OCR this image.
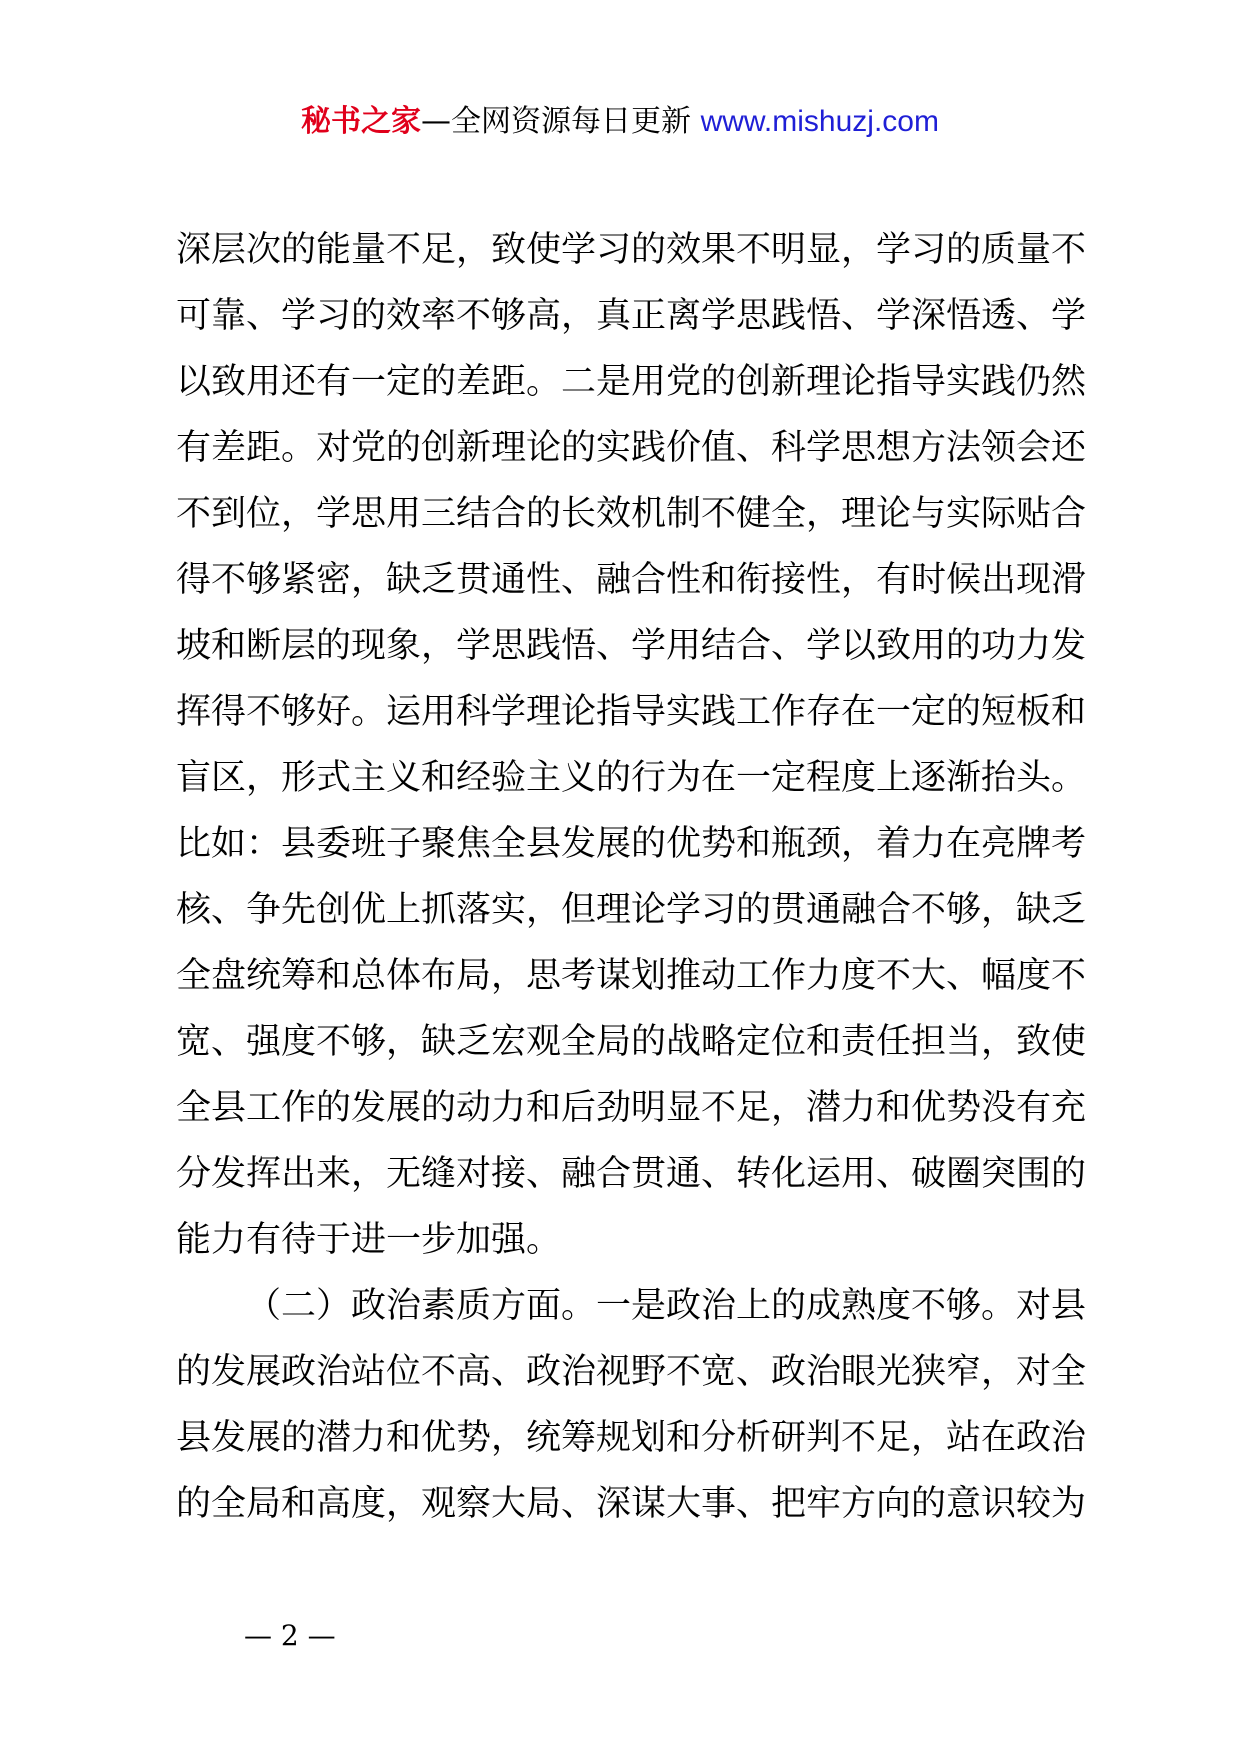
秘书之家—全网资源每日更新 www.mishuzj.com
深层次的能量不足，致使学习的效果不明显，学习的质量不
可靠、学习的效率不够高，真正离学思践悟、学深悟透、学
以致用还有一定的差距。二是用党的创新理论指导实践仍然
有差距。对党的创新理论的实践价值、科学思想方法领会还
不到位，学思用三结合的长效机制不健全，理论与实际贴合
得不够紧密，缺乏贯通性、融合性和衔接性，有时候出现滑
坡和断层的现象，学思践悟、学用结合、学以致用的功力发
挥得不够好。运用科学理论指导实践工作存在一定的短板和
盲区，形式主义和经验主义的行为在一定程度上逐渐抬头。
比如：县委班子聚焦全县发展的优势和瓶颈，着力在亮牌考
核、争先创优上抓落实，但理论学习的贯通融合不够，缺乏
全盘统筹和总体布局，思考谋划推动工作力度不大、幅度不
宽、强度不够，缺乏宏观全局的战略定位和责任担当，致使
全县工作的发展的动力和后劲明显不足，潜力和优势没有充
分发挥出来，无缝对接、融合贯通、转化运用、破圈突围的
能力有待于进一步加强。
（二）政治素质方面。一是政治上的成熟度不够。对县
的发展政治站位不高、政治视野不宽、政治眼光狭窄，对全
县发展的潜力和优势，统筹规划和分析研判不足，站在政治
的全局和高度，观察大局、深谋大事、把牢方向的意识较为
— 2 —
